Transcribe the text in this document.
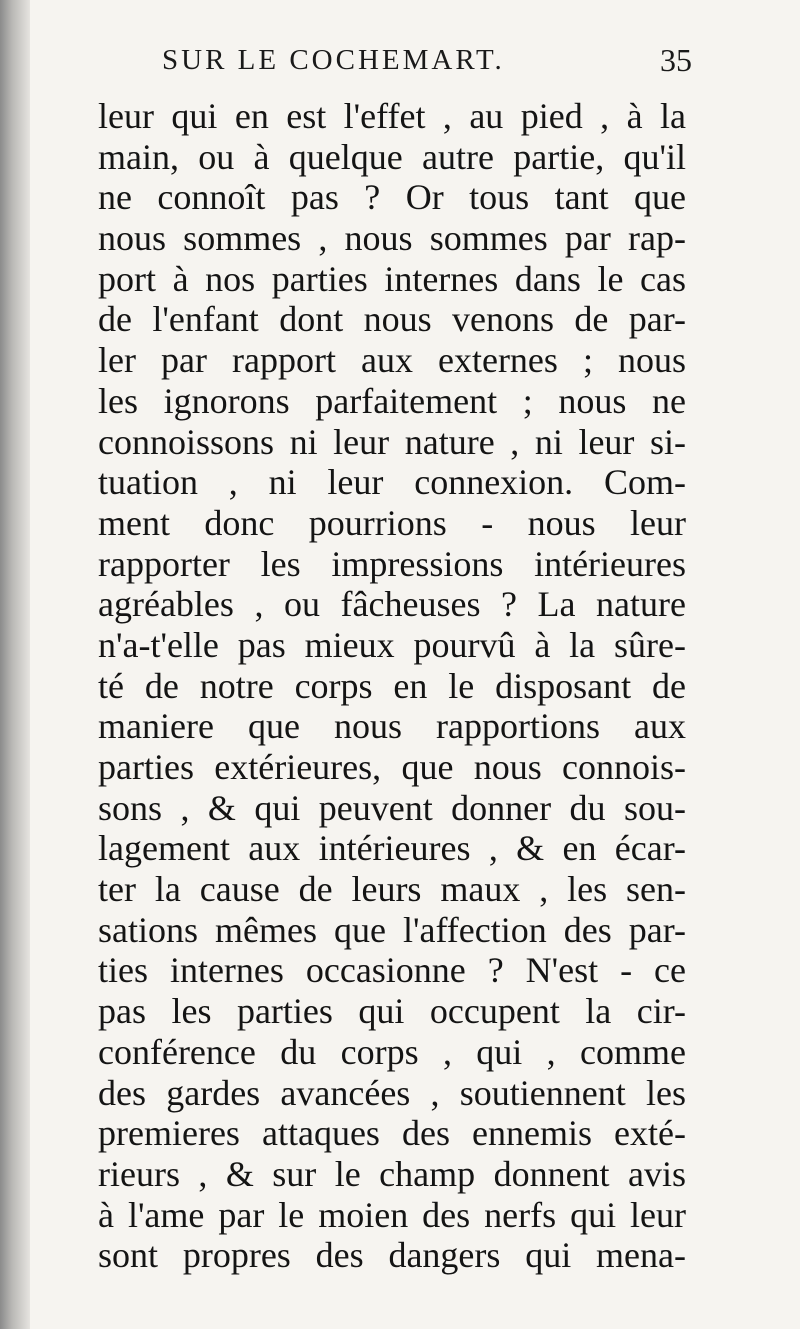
SUR LE COCHEMART.	35
leur qui en est l'effet , au pied , à la
main, ou à quelque autre partie, qu'il
ne connoît pas ? Or tous tant que
nous sommes , nous sommes par rap-
port à nos parties internes dans le cas
de l'enfant dont nous venons de par-
ler par rapport aux externes ; nous
les ignorons parfaitement ; nous ne
connoissons ni leur nature , ni leur si-
tuation , ni leur connexion. Com-
ment donc pourrions - nous leur
rapporter les impressions intérieures
agréables , ou fâcheuses ? La nature
n'a-t'elle pas mieux pourvû à la sûre-
té de notre corps en le disposant de
maniere que nous rapportions aux
parties extérieures, que nous connois-
sons , & qui peuvent donner du sou-
lagement aux intérieures , & en écar-
ter la cause de leurs maux , les sen-
sations mêmes que l'affection des par-
ties internes occasionne ? N'est - ce
pas les parties qui occupent la cir-
conférence du corps , qui , comme
des gardes avancées , soutiennent les
premieres attaques des ennemis exté-
rieurs , & sur le champ donnent avis
à l'ame par le moien des nerfs qui leur
sont propres des dangers qui mena-
